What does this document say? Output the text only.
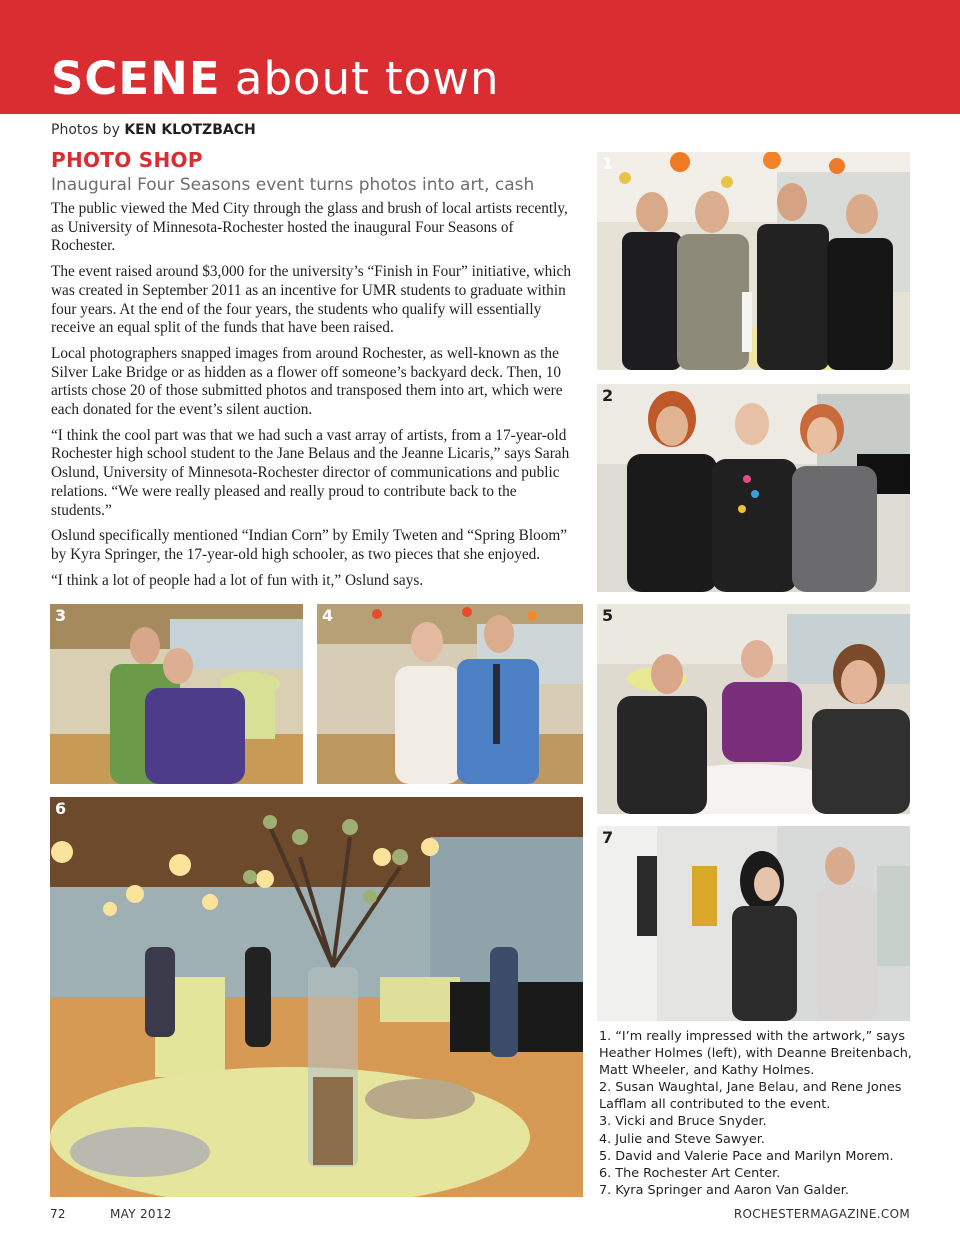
SCENE about town
Photos by KEN KLOTZBACH
PHOTO SHOP
Inaugural Four Seasons event turns photos into art, cash

The public viewed the Med City through the glass and brush of local artists recently, as University of Minnesota-Rochester hosted the inaugural Four Seasons of Rochester.

The event raised around $3,000 for the university’s “Finish in Four” initiative, which was created in September 2011 as an incentive for UMR students to graduate within four years. At the end of the four years, the students who qualify will essentially receive an equal split of the funds that have been raised.

Local photographers snapped images from around Rochester, as well-known as the Silver Lake Bridge or as hidden as a flower off someone’s backyard deck. Then, 10 artists chose 20 of those submitted photos and transposed them into art, which were each donated for the event’s silent auction.

“I think the cool part was that we had such a vast array of artists, from a 17-year-old Rochester high school student to the Jane Belaus and the Jeanne Licaris,” says Sarah Oslund, University of Minnesota-Rochester director of communications and public relations. “We were really pleased and really proud to contribute back to the students.”

Oslund specifically mentioned “Indian Corn” by Emily Tweten and “Spring Bloom” by Kyra Springer, the 17-year-old high schooler, as two pieces that she enjoyed.

“I think a lot of people had a lot of fun with it,” Oslund says.

1
2
3	4	5
6
7
1. “I’m really impressed with the artwork,” says Heather Holmes (left), with Deanne Breitenbach, Matt Wheeler, and Kathy Holmes.
2. Susan Waughtal, Jane Belau, and Rene Jones Lafflam all contributed to the event.
3. Vicki and Bruce Snyder.
4. Julie and Steve Sawyer.
5. David and Valerie Pace and Marilyn Morem.
6. The Rochester Art Center.
7. Kyra Springer and Aaron Van Galder.
72	MAY 2012	ROCHESTERMAGAZINE.COM
